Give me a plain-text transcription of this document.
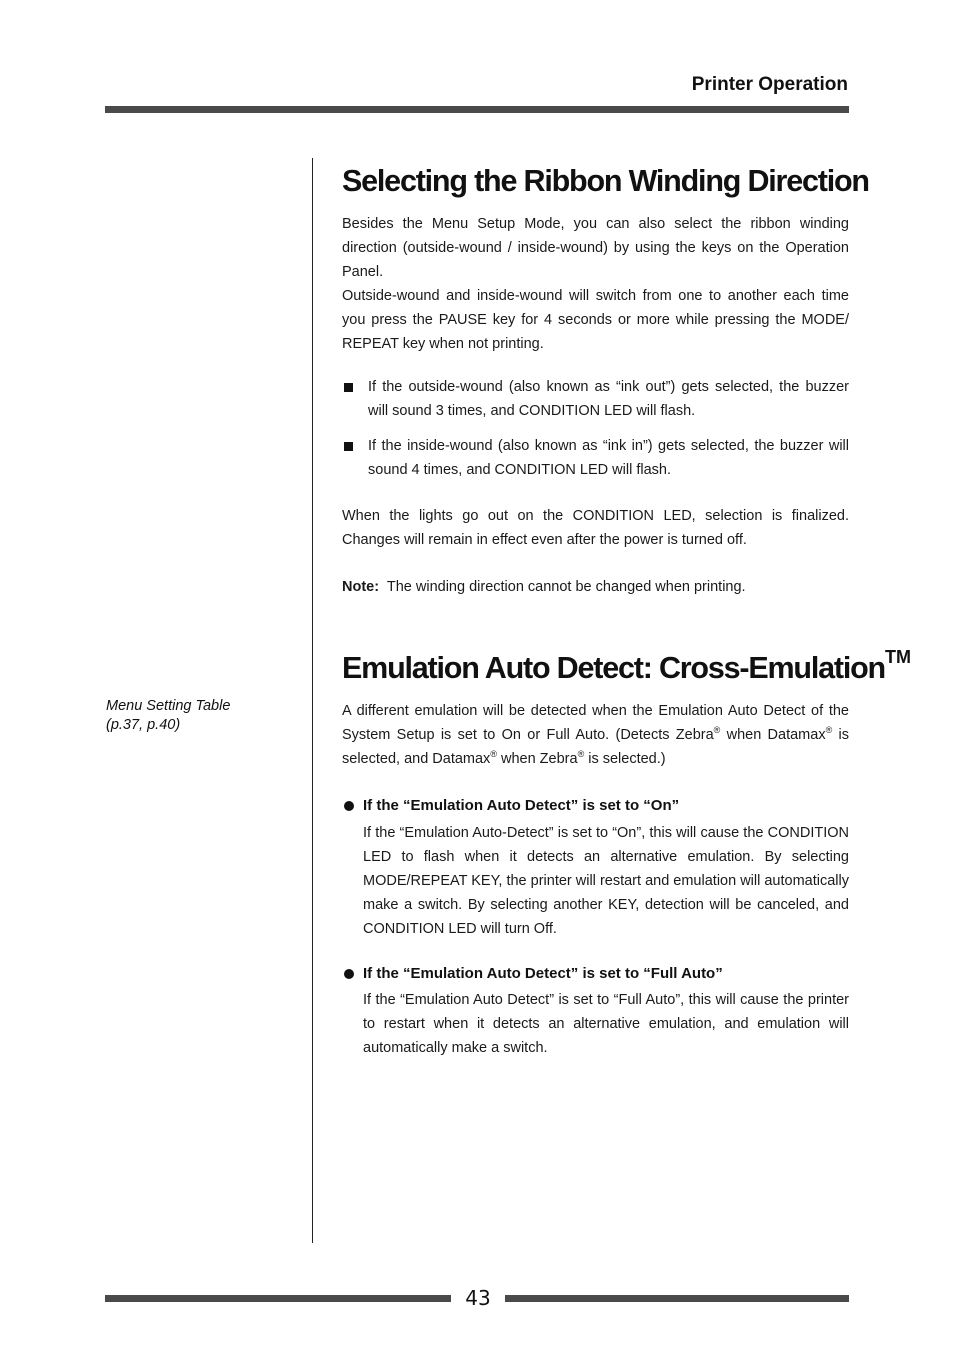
Printer Operation
Menu Setting Table
(p.37, p.40)
Selecting the Ribbon Winding Direction

Besides the Menu Setup Mode, you can also select the ribbon winding direction (outside-wound / inside-wound) by using the keys on the Operation Panel.

Outside-wound and inside-wound will switch from one to another each time you press the PAUSE key for 4 seconds or more while pressing the MODE/ REPEAT key when not printing.

If the outside-wound (also known as “ink out”) gets selected, the buzzer will sound 3 times, and CONDITION LED will flash.

If the inside-wound (also known as “ink in”) gets selected, the buzzer will sound 4 times, and CONDITION LED will flash.

When the lights go out on the CONDITION LED, selection is finalized. Changes will remain in effect even after the power is turned off.

Note: The winding direction cannot be changed when printing.

Emulation Auto Detect: Cross-Emulation™

A different emulation will be detected when the Emulation Auto Detect of the System Setup is set to On or Full Auto. (Detects Zebra® when Datamax® is selected, and Datamax® when Zebra® is selected.)

If the “Emulation Auto Detect” is set to “On”

If the “Emulation Auto-Detect” is set to “On”, this will cause the CONDITION LED to flash when it detects an alternative emulation. By selecting MODE/REPEAT KEY, the printer will restart and emulation will automatically make a switch. By selecting another KEY, detection will be canceled, and CONDITION LED will turn Off.

If the “Emulation Auto Detect” is set to “Full Auto”

If the “Emulation Auto Detect” is set to “Full Auto”, this will cause the printer to restart when it detects an alternative emulation, and emulation will automatically make a switch.

43
